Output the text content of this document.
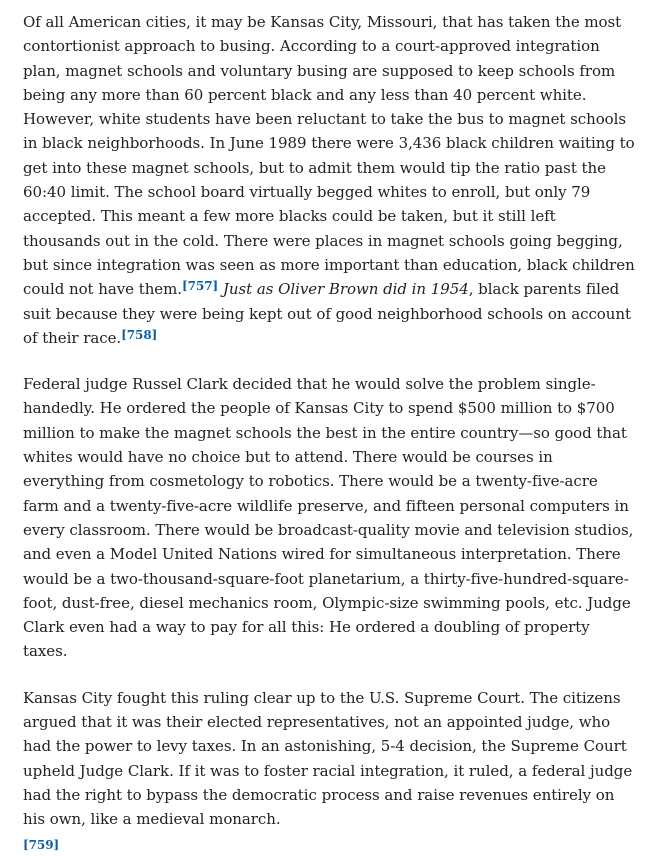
Of all American cities, it may be Kansas City, Missouri, that has taken the most contortionist approach to busing. According to a court-approved integration plan, magnet schools and voluntary busing are supposed to keep schools from being any more than 60 percent black and any less than 40 percent white. However, white students have been reluctant to take the bus to magnet schools in black neighborhoods. In June 1989 there were 3,436 black children waiting to get into these magnet schools, but to admit them would tip the ratio past the 60:40 limit. The school board virtually begged whites to enroll, but only 79 accepted. This meant a few more blacks could be taken, but it still left thousands out in the cold. There were places in magnet schools going begging, but since integration was seen as more important than education, black children could not have them.[757] Just as Oliver Brown did in 1954, black parents filed suit because they were being kept out of good neighborhood schools on account of their race.[758]

Federal judge Russel Clark decided that he would solve the problem single-handedly. He ordered the people of Kansas City to spend $500 million to $700 million to make the magnet schools the best in the entire country—so good that whites would have no choice but to attend. There would be courses in everything from cosmetology to robotics. There would be a twenty-five-acre farm and a twenty-five-acre wildlife preserve, and fifteen personal computers in every classroom. There would be broadcast-quality movie and television studios, and even a Model United Nations wired for simultaneous interpretation. There would be a two-thousand-square-foot planetarium, a thirty-five-hundred-square-foot, dust-free, diesel mechanics room, Olympic-size swimming pools, etc. Judge Clark even had a way to pay for all this: He ordered a doubling of property taxes.

Kansas City fought this ruling clear up to the U.S. Supreme Court. The citizens argued that it was their elected representatives, not an appointed judge, who had the power to levy taxes. In an astonishing, 5-4 decision, the Supreme Court upheld Judge Clark. If it was to foster racial integration, it ruled, a federal judge had the right to bypass the democratic process and raise revenues entirely on his own, like a medieval monarch.
[759]
